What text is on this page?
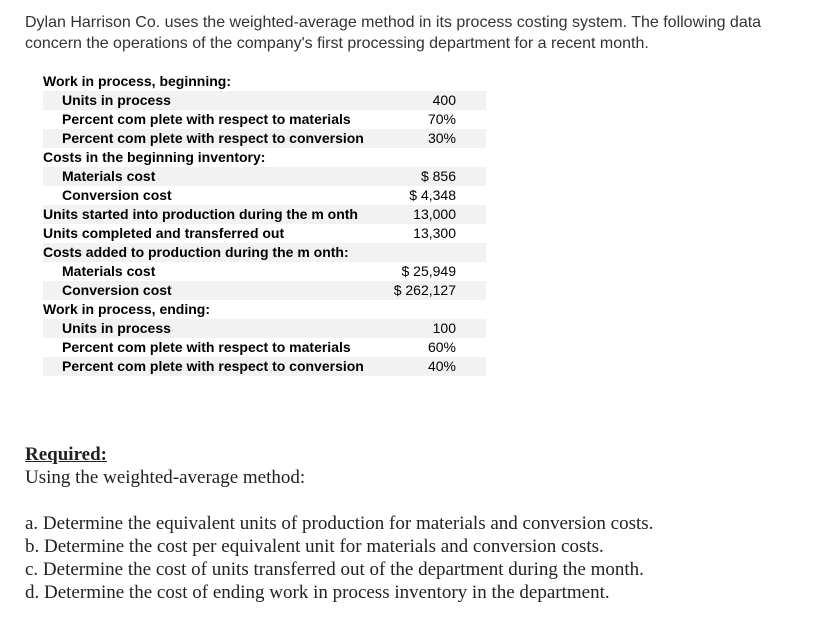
Dylan Harrison Co. uses the weighted-average method in its process costing system. The following data concern the operations of the company's first processing department for a recent month.
Work in process, beginning:	
Units in process	400
Percent com plete with respect to materials	70%
Percent com plete with respect to conversion	30%
Costs in the beginning inventory:	
Materials cost	$ 856
Conversion cost	$ 4,348
Units started into production during the m onth	13,000
Units completed and transferred out	13,300
Costs added to production during the m onth:	
Materials cost	$ 25,949
Conversion cost	$ 262,127
Work in process, ending:	
Units in process	100
Percent com plete with respect to materials	60%
Percent com plete with respect to conversion	40%
Required:
Using the weighted-average method:
a. Determine the equivalent units of production for materials and conversion costs.
b. Determine the cost per equivalent unit for materials and conversion costs.
c. Determine the cost of units transferred out of the department during the month.
d. Determine the cost of ending work in process inventory in the department.
